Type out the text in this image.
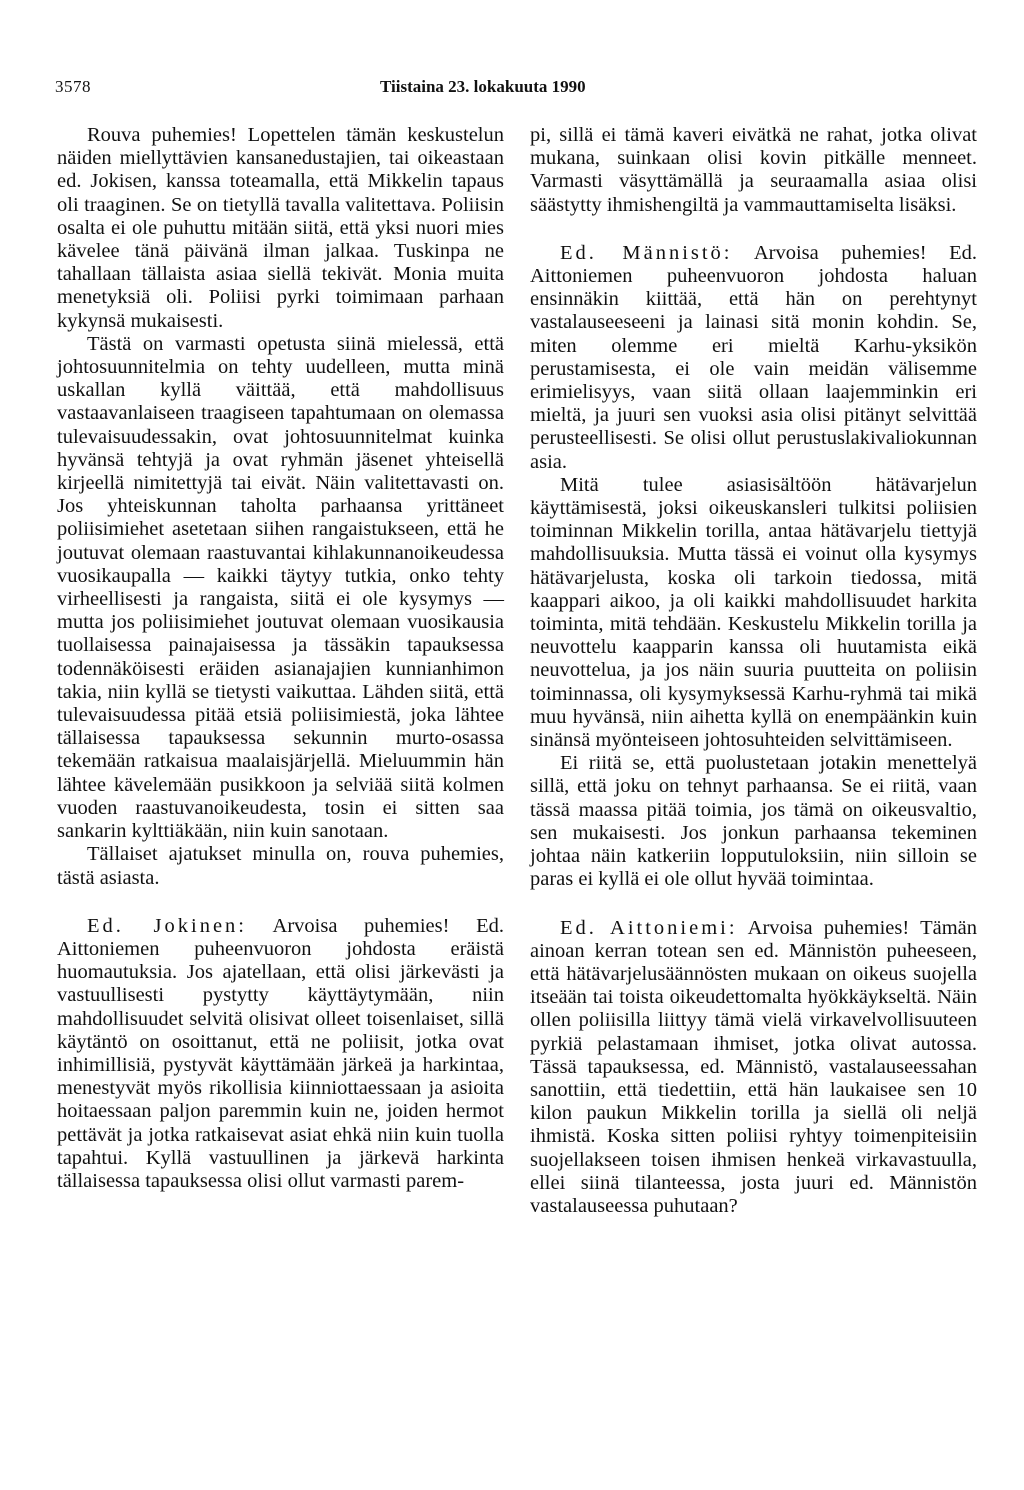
3578	Tiistaina 23. lokakuuta 1990

Rouva puhemies! Lopettelen tämän keskustelun näiden miellyttävien kansanedustajien, tai oikeastaan ed. Jokisen, kanssa toteamalla, että Mikkelin tapaus oli traaginen. Se on tietyllä tavalla valitettava. Poliisin osalta ei ole puhuttu mitään siitä, että yksi nuori mies kävelee tänä päivänä ilman jalkaa. Tuskinpa ne tahallaan tällaista asiaa siellä tekivät. Monia muita menetyksiä oli. Poliisi pyrki toimimaan parhaan kykynsä mukaisesti.

Tästä on varmasti opetusta siinä mielessä, että johtosuunnitelmia on tehty uudelleen, mutta minä uskallan kyllä väittää, että mahdollisuus vastaavanlaiseen traagiseen tapahtumaan on olemassa tulevaisuudessakin, ovat johtosuunnitelmat kuinka hyvänsä tehtyjä ja ovat ryhmän jäsenet yhteisellä kirjeellä nimitettyjä tai eivät. Näin valitettavasti on. Jos yhteiskunnan taholta parhaansa yrittäneet poliisimiehet asetetaan siihen rangaistukseen, että he joutuvat olemaan raastuvantai kihlakunnanoikeudessa vuosikaupalla — kaikki täytyy tutkia, onko tehty virheellisesti ja rangaista, siitä ei ole kysymys — mutta jos poliisimiehet joutuvat olemaan vuosikausia tuollaisessa painajaisessa ja tässäkin tapauksessa todennäköisesti eräiden asianajajien kunnianhimon takia, niin kyllä se tietysti vaikuttaa. Lähden siitä, että tulevaisuudessa pitää etsiä poliisimiestä, joka lähtee tällaisessa tapauksessa sekunnin murto-osassa tekemään ratkaisua maalaisjärjellä. Mieluummin hän lähtee kävelemään pusikkoon ja selviää siitä kolmen vuoden raastuvanoikeudesta, tosin ei sitten saa sankarin kylttiäkään, niin kuin sanotaan.

Tällaiset ajatukset minulla on, rouva puhemies, tästä asiasta.

Ed. Jokinen: Arvoisa puhemies! Ed. Aittoniemen puheenvuoron johdosta eräistä huomautuksia. Jos ajatellaan, että olisi järkevästi ja vastuullisesti pystytty käyttäytymään, niin mahdollisuudet selvitä olisivat olleet toisenlaiset, sillä käytäntö on osoittanut, että ne poliisit, jotka ovat inhimillisiä, pystyvät käyttämään järkeä ja harkintaa, menestyvät myös rikollisia kiinniottaessaan ja asioita hoitaessaan paljon paremmin kuin ne, joiden hermot pettävät ja jotka ratkaisevat asiat ehkä niin kuin tuolla tapahtui. Kyllä vastuullinen ja järkevä harkinta tällaisessa tapauksessa olisi ollut varmasti parem-

pi, sillä ei tämä kaveri eivätkä ne rahat, jotka olivat mukana, suinkaan olisi kovin pitkälle menneet. Varmasti väsyttämällä ja seuraamalla asiaa olisi säästytty ihmishengiltä ja vammauttamiselta lisäksi.

Ed. Männistö: Arvoisa puhemies! Ed. Aittoniemen puheenvuoron johdosta haluan ensinnäkin kiittää, että hän on perehtynyt vastalauseeseeni ja lainasi sitä monin kohdin. Se, miten olemme eri mieltä Karhu-yksikön perustamisesta, ei ole vain meidän välisemme erimielisyys, vaan siitä ollaan laajemminkin eri mieltä, ja juuri sen vuoksi asia olisi pitänyt selvittää perusteellisesti. Se olisi ollut perustuslakivaliokunnan asia.

Mitä tulee asiasisältöön hätävarjelun käyttämisestä, joksi oikeuskansleri tulkitsi poliisien toiminnan Mikkelin torilla, antaa hätävarjelu tiettyjä mahdollisuuksia. Mutta tässä ei voinut olla kysymys hätävarjelusta, koska oli tarkoin tiedossa, mitä kaappari aikoo, ja oli kaikki mahdollisuudet harkita toiminta, mitä tehdään. Keskustelu Mikkelin torilla ja neuvottelu kaapparin kanssa oli huutamista eikä neuvottelua, ja jos näin suuria puutteita on poliisin toiminnassa, oli kysymyksessä Karhu-ryhmä tai mikä muu hyvänsä, niin aihetta kyllä on enempäänkin kuin sinänsä myönteiseen johtosuhteiden selvittämiseen.

Ei riitä se, että puolustetaan jotakin menettelyä sillä, että joku on tehnyt parhaansa. Se ei riitä, vaan tässä maassa pitää toimia, jos tämä on oikeusvaltio, sen mukaisesti. Jos jonkun parhaansa tekeminen johtaa näin katkeriin lopputuloksiin, niin silloin se paras ei kyllä ei ole ollut hyvää toimintaa.

Ed. Aittoniemi: Arvoisa puhemies! Tämän ainoan kerran totean sen ed. Männistön puheeseen, että hätävarjelusäännösten mukaan on oikeus suojella itseään tai toista oikeudettomalta hyökkäykseltä. Näin ollen poliisilla liittyy tämä vielä virkavelvollisuuteen pyrkiä pelastamaan ihmiset, jotka olivat autossa. Tässä tapauksessa, ed. Männistö, vastalauseessahan sanottiin, että tiedettiin, että hän laukaisee sen 10 kilon paukun Mikkelin torilla ja siellä oli neljä ihmistä. Koska sitten poliisi ryhtyy toimenpiteisiin suojellakseen toisen ihmisen henkeä virkavastuulla, ellei siinä tilanteessa, josta juuri ed. Männistön vastalauseessa puhutaan?
